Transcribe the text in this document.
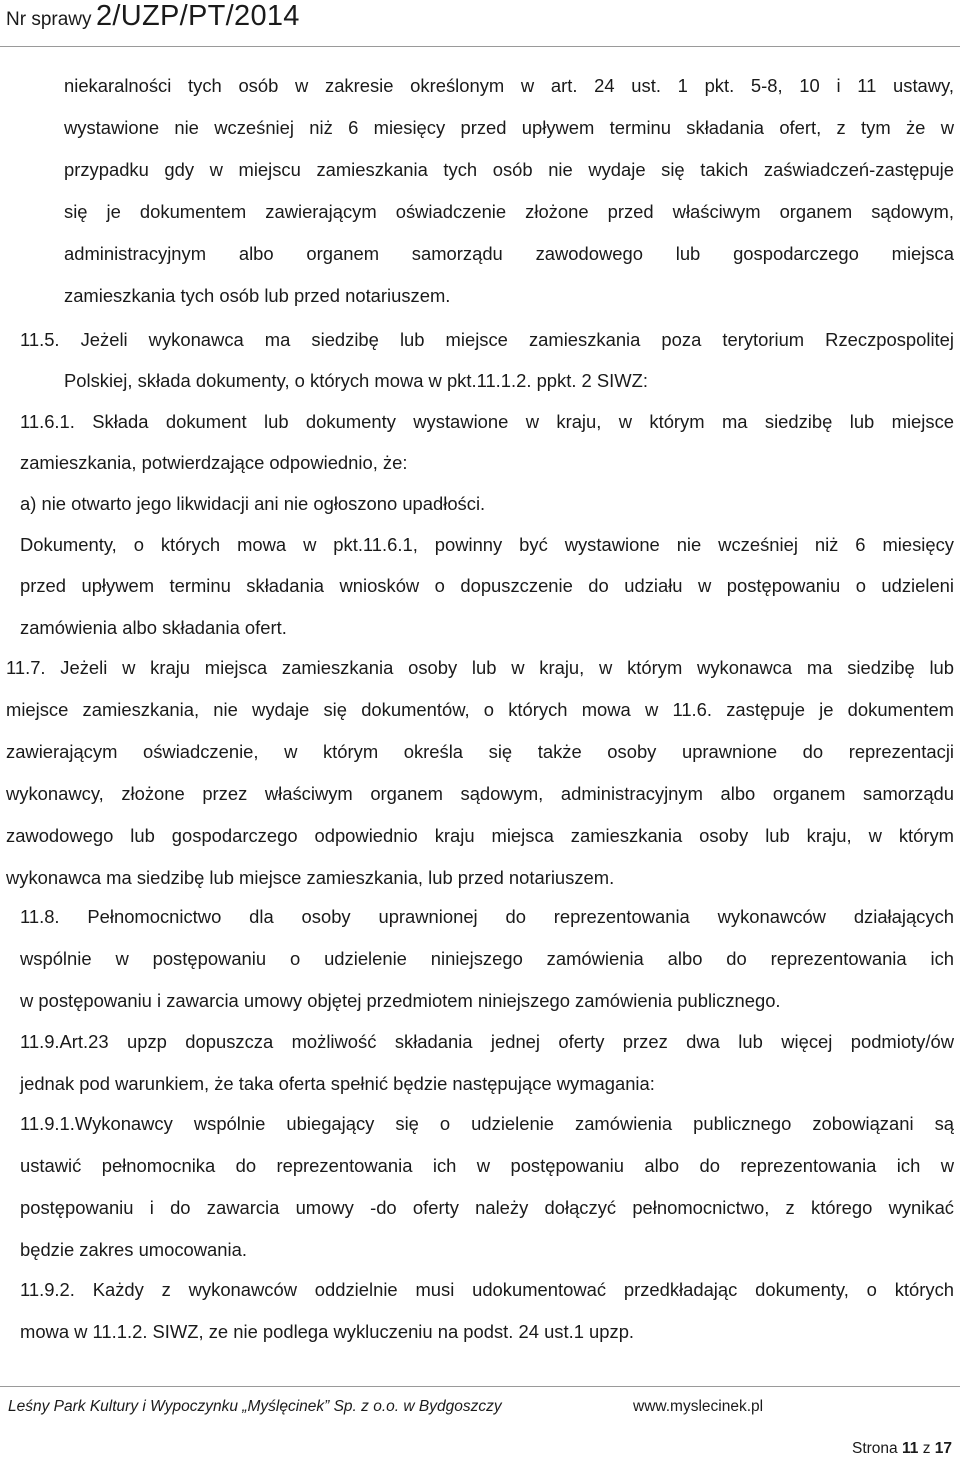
Nr sprawy 2/UZP/PT/2014
niekaralności tych osób w zakresie określonym w art. 24 ust. 1 pkt. 5-8, 10 i 11 ustawy,
wystawione nie wcześniej niż 6 miesięcy przed upływem terminu składania ofert, z tym że w
przypadku gdy w miejscu zamieszkania tych osób nie wydaje się takich zaświadczeń-zastępuje
się je dokumentem zawierającym oświadczenie złożone przed właściwym organem sądowym,
administracyjnym albo organem samorządu zawodowego lub gospodarczego miejsca
zamieszkania tych osób lub przed notariuszem.
11.5. Jeżeli wykonawca ma siedzibę lub miejsce zamieszkania poza terytorium Rzeczpospolitej
Polskiej, składa dokumenty, o których mowa w pkt.11.1.2. ppkt. 2 SIWZ:
11.6.1. Składa dokument lub dokumenty wystawione w kraju, w którym ma siedzibę lub miejsce
zamieszkania, potwierdzające odpowiednio, że:
a) nie otwarto jego likwidacji ani nie ogłoszono upadłości.
Dokumenty, o których mowa w pkt.11.6.1, powinny być wystawione nie wcześniej niż 6 miesięcy
przed upływem terminu składania wniosków o dopuszczenie do udziału w postępowaniu o udzieleni
zamówienia albo składania ofert.
11.7. Jeżeli w kraju miejsca zamieszkania osoby lub w kraju, w którym wykonawca ma siedzibę lub
miejsce zamieszkania, nie wydaje się dokumentów, o których mowa w 11.6. zastępuje je dokumentem
zawierającym oświadczenie, w którym określa się także osoby uprawnione do reprezentacji
wykonawcy, złożone przez właściwym organem sądowym, administracyjnym albo organem samorządu
zawodowego lub gospodarczego odpowiednio kraju miejsca zamieszkania osoby lub kraju, w którym
wykonawca ma siedzibę lub miejsce zamieszkania, lub przed notariuszem.
11.8. Pełnomocnictwo dla osoby uprawnionej do reprezentowania wykonawców działających
wspólnie w postępowaniu o udzielenie niniejszego zamówienia albo do reprezentowania ich
w postępowaniu i zawarcia umowy objętej przedmiotem niniejszego zamówienia publicznego.
11.9.Art.23 upzp dopuszcza możliwość składania jednej oferty przez dwa lub więcej podmioty/ów
jednak pod warunkiem, że taka oferta spełnić będzie następujące wymagania:
11.9.1.Wykonawcy wspólnie ubiegający się o udzielenie zamówienia publicznego zobowiązani są
ustawić pełnomocnika do reprezentowania ich w postępowaniu albo do reprezentowania ich w
postępowaniu i do zawarcia umowy -do oferty należy dołączyć pełnomocnictwo, z którego wynikać
będzie zakres umocowania.
11.9.2. Każdy z wykonawców oddzielnie musi udokumentować przedkładając dokumenty, o których
mowa w 11.1.2. SIWZ, ze nie podlega wykluczeniu na podst. 24 ust.1 upzp.
Leśny Park Kultury i Wypoczynku „Myślęcinek” Sp. z o.o. w Bydgoszczy	www.myslecinek.pl
Strona 11 z 17
